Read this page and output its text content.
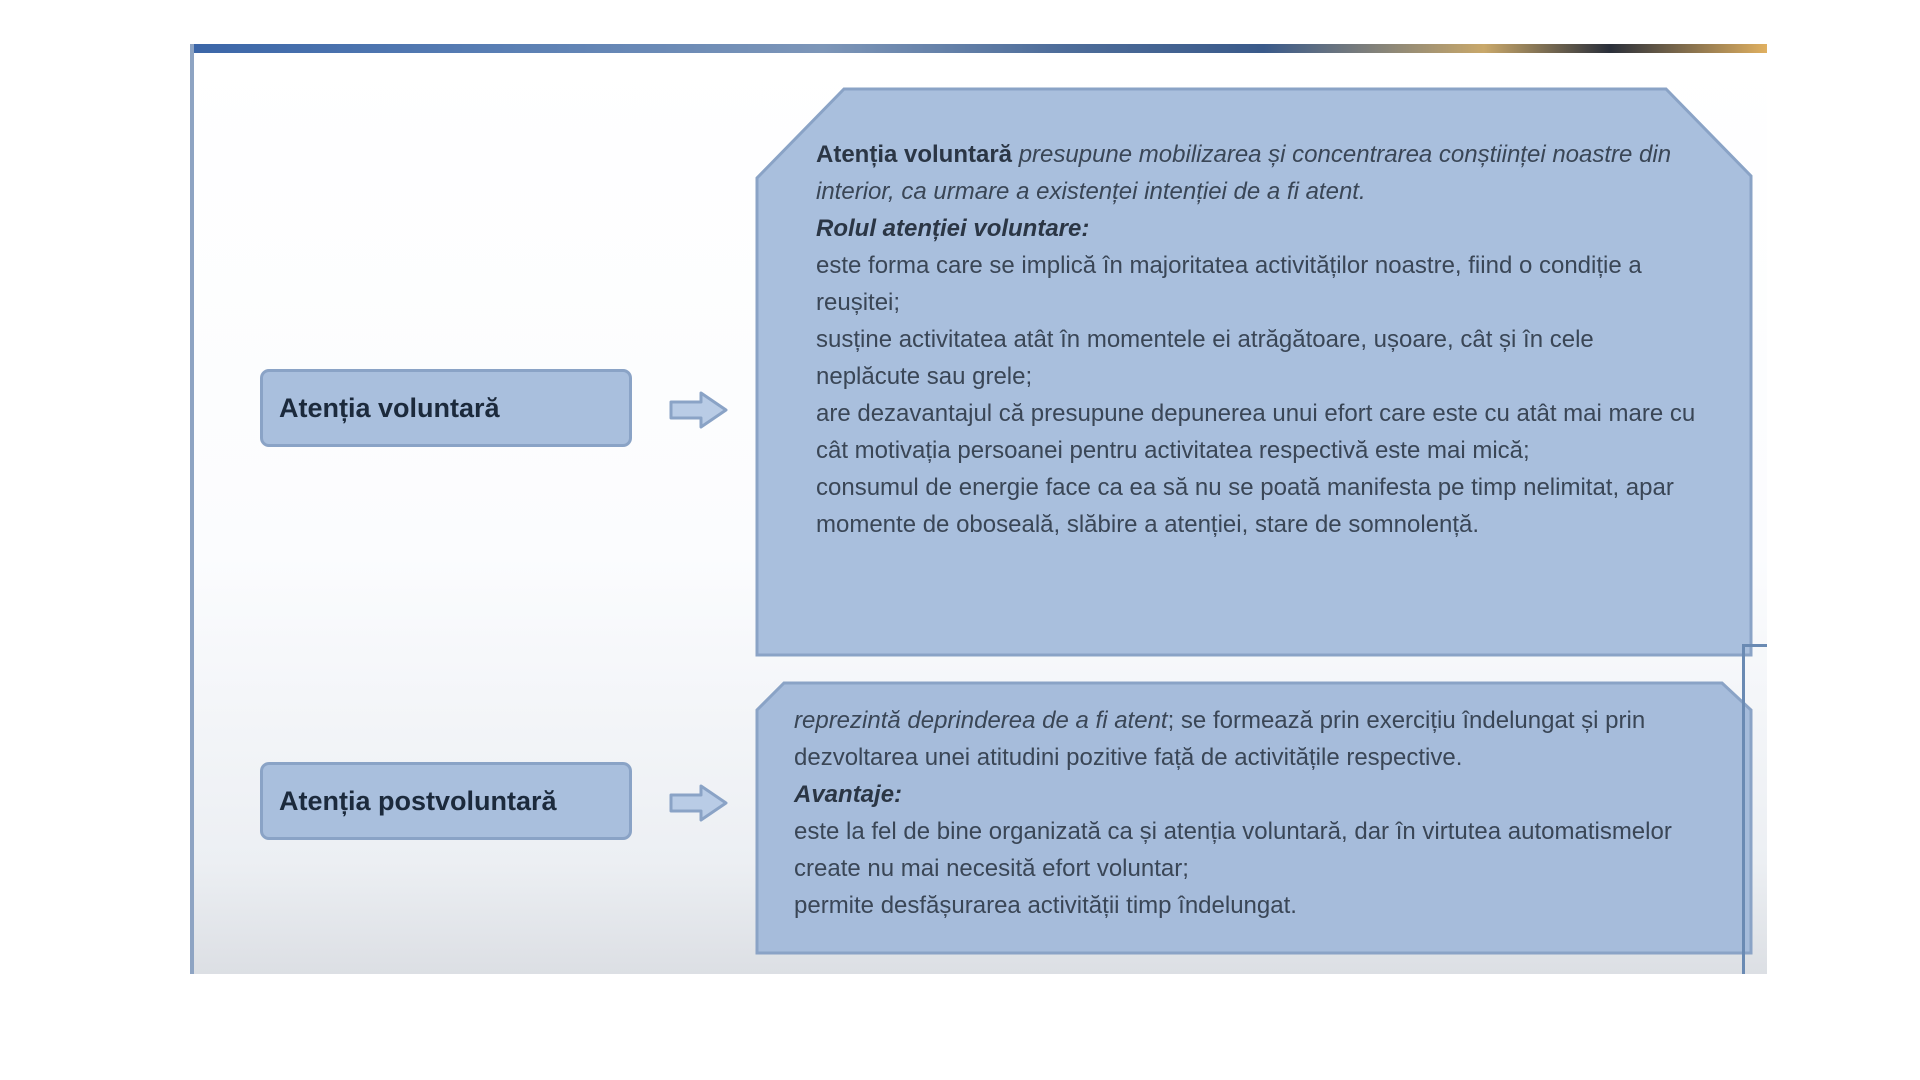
Atenția voluntară

Atenția voluntară presupune mobilizarea și concentrarea conștiinței noastre din interior, ca urmare a existenței intenției de a fi atent.

Rolul atenției voluntare:

este forma care se implică în majoritatea activităților noastre, fiind o condiție a reușitei;

susține activitatea atât în momentele ei atrăgătoare, ușoare, cât și în cele neplăcute sau grele;

are dezavantajul că presupune depunerea unui efort care este cu atât mai mare cu cât motivația persoanei pentru activitatea respectivă este mai mică;

consumul de energie face ca ea să nu se poată manifesta pe timp nelimitat, apar momente de oboseală, slăbire a atenției, stare de somnolență.

Atenția postvoluntară

reprezintă deprinderea de a fi atent; se formează prin exercițiu îndelungat și prin dezvoltarea unei atitudini pozitive față de activitățile respective.

Avantaje:

este la fel de bine organizată ca și atenția voluntară, dar în virtutea automatismelor create nu mai necesită efort voluntar;

permite desfășurarea activității timp îndelungat.
